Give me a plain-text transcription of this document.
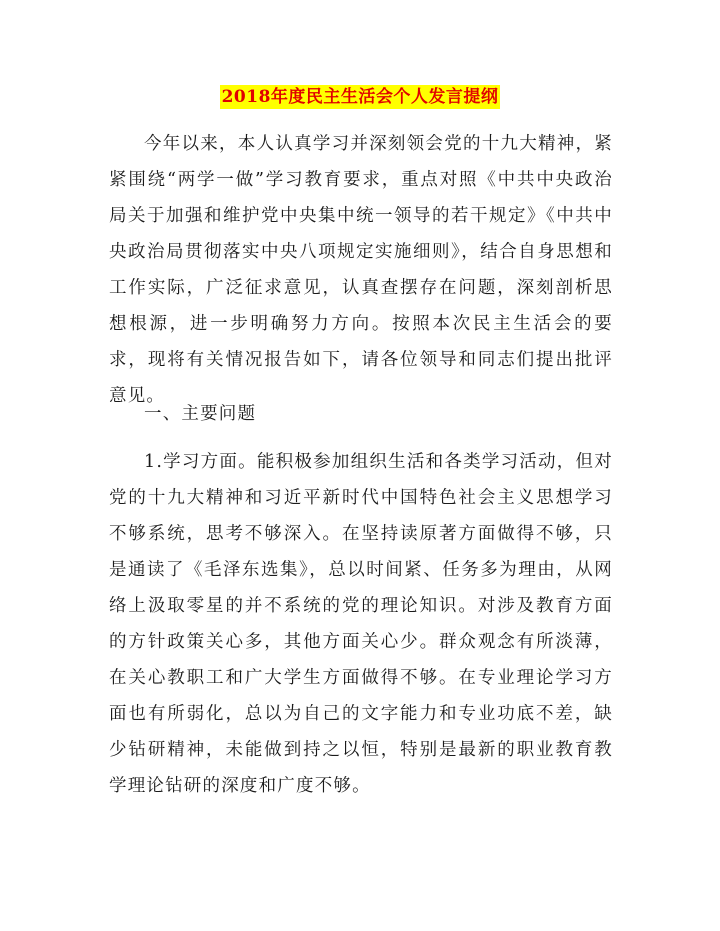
2018年度民主生活会个人发言提纲

今年以来，本人认真学习并深刻领会党的十九大精神，紧紧围绕“两学一做”学习教育要求，重点对照《中共中央政治局关于加强和维护党中央集中统一领导的若干规定》《中共中央政治局贯彻落实中央八项规定实施细则》，结合自身思想和工作实际，广泛征求意见，认真查摆存在问题，深刻剖析思想根源，进一步明确努力方向。按照本次民主生活会的要求，现将有关情况报告如下，请各位领导和同志们提出批评意见。

一、主要问题

1.学习方面。能积极参加组织生活和各类学习活动，但对党的十九大精神和习近平新时代中国特色社会主义思想学习不够系统，思考不够深入。在坚持读原著方面做得不够，只是通读了《毛泽东选集》，总以时间紧、任务多为理由，从网络上汲取零星的并不系统的党的理论知识。对涉及教育方面的方针政策关心多，其他方面关心少。群众观念有所淡薄，在关心教职工和广大学生方面做得不够。在专业理论学习方面也有所弱化，总以为自己的文字能力和专业功底不差，缺少钻研精神，未能做到持之以恒，特别是最新的职业教育教学理论钻研的深度和广度不够。
